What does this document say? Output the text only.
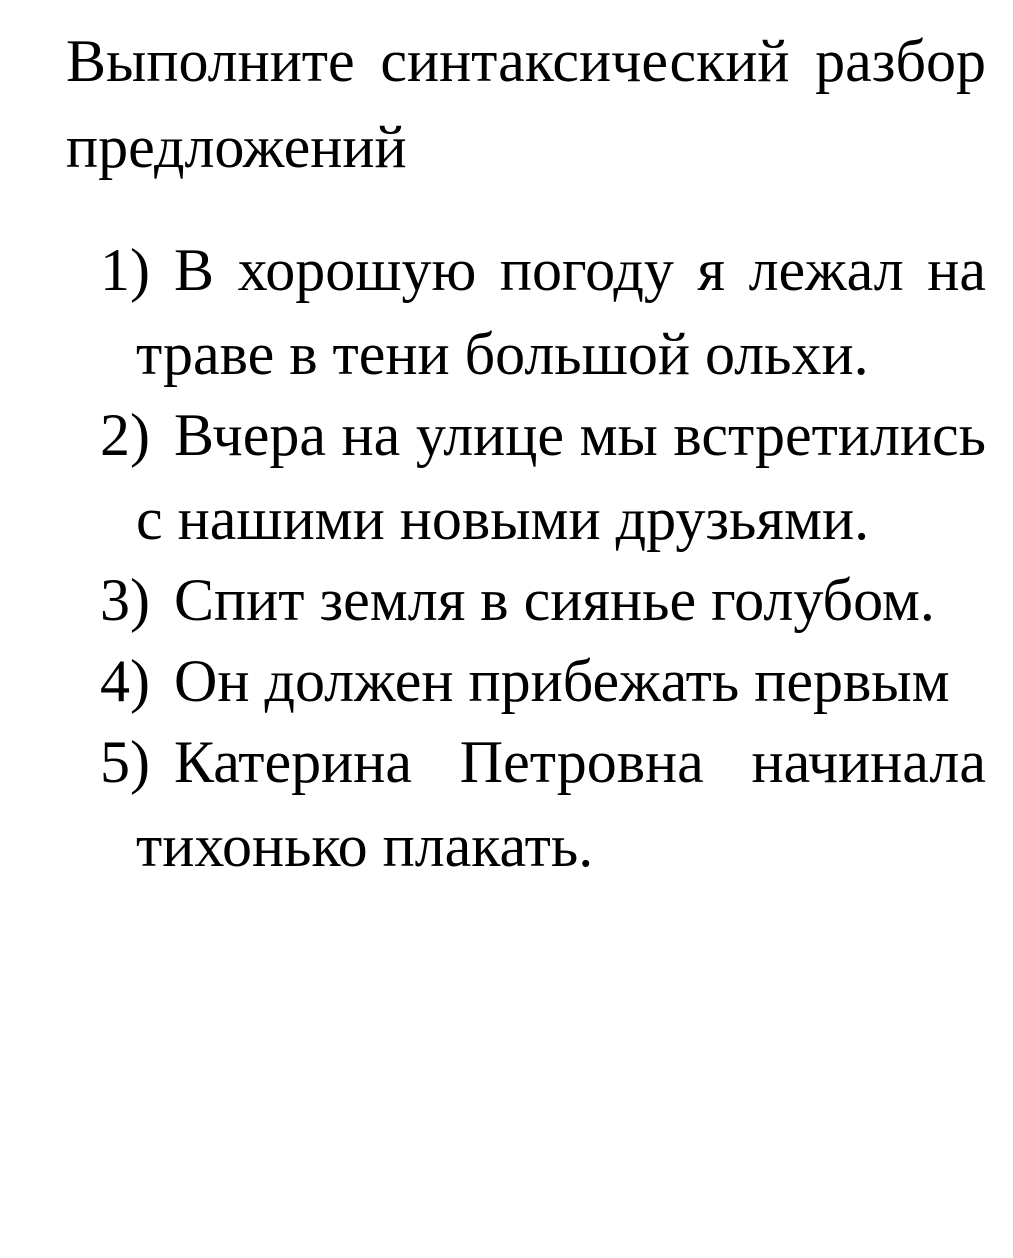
Выполните синтаксический разбор предложений
1) В хорошую погоду я лежал на траве в тени большой ольхи.
2) Вчера на улице мы встретились с нашими новыми друзьями.
3) Спит земля в сиянье голубом.
4) Он должен прибежать первым
5) Катерина Петровна начинала тихонько плакать.
